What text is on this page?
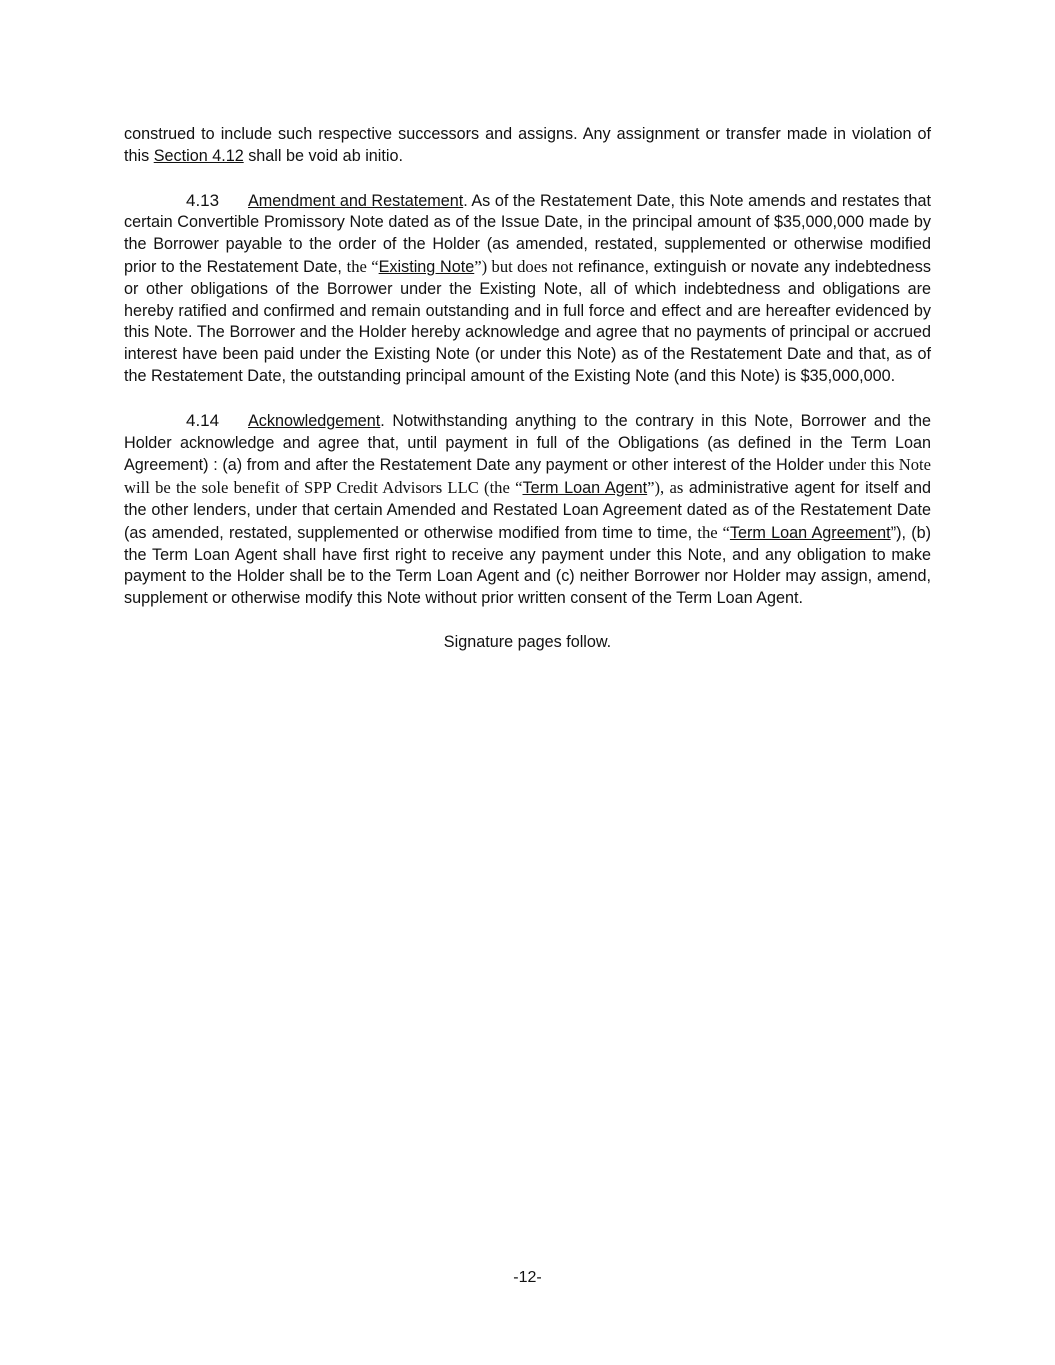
construed to include such respective successors and assigns. Any assignment or transfer made in violation of this Section 4.12 shall be void ab initio.

4.13 Amendment and Restatement. As of the Restatement Date, this Note amends and restates that certain Convertible Promissory Note dated as of the Issue Date, in the principal amount of $35,000,000 made by the Borrower payable to the order of the Holder (as amended, restated, supplemented or otherwise modified prior to the Restatement Date, the “Existing Note”) but does not refinance, extinguish or novate any indebtedness or other obligations of the Borrower under the Existing Note, all of which indebtedness and obligations are hereby ratified and confirmed and remain outstanding and in full force and effect and are hereafter evidenced by this Note. The Borrower and the Holder hereby acknowledge and agree that no payments of principal or accrued interest have been paid under the Existing Note (or under this Note) as of the Restatement Date and that, as of the Restatement Date, the outstanding principal amount of the Existing Note (and this Note) is $35,000,000.

4.14 Acknowledgement. Notwithstanding anything to the contrary in this Note, Borrower and the Holder acknowledge and agree that, until payment in full of the Obligations (as defined in the Term Loan Agreement) : (a) from and after the Restatement Date any payment or other interest of the Holder under this Note will be the sole benefit of SPP Credit Advisors LLC (the “Term Loan Agent”), as administrative agent for itself and the other lenders, under that certain Amended and Restated Loan Agreement dated as of the Restatement Date (as amended, restated, supplemented or otherwise modified from time to time, the “Term Loan Agreement”), (b) the Term Loan Agent shall have first right to receive any payment under this Note, and any obligation to make payment to the Holder shall be to the Term Loan Agent and (c) neither Borrower nor Holder may assign, amend, supplement or otherwise modify this Note without prior written consent of the Term Loan Agent.

Signature pages follow.

-12-
